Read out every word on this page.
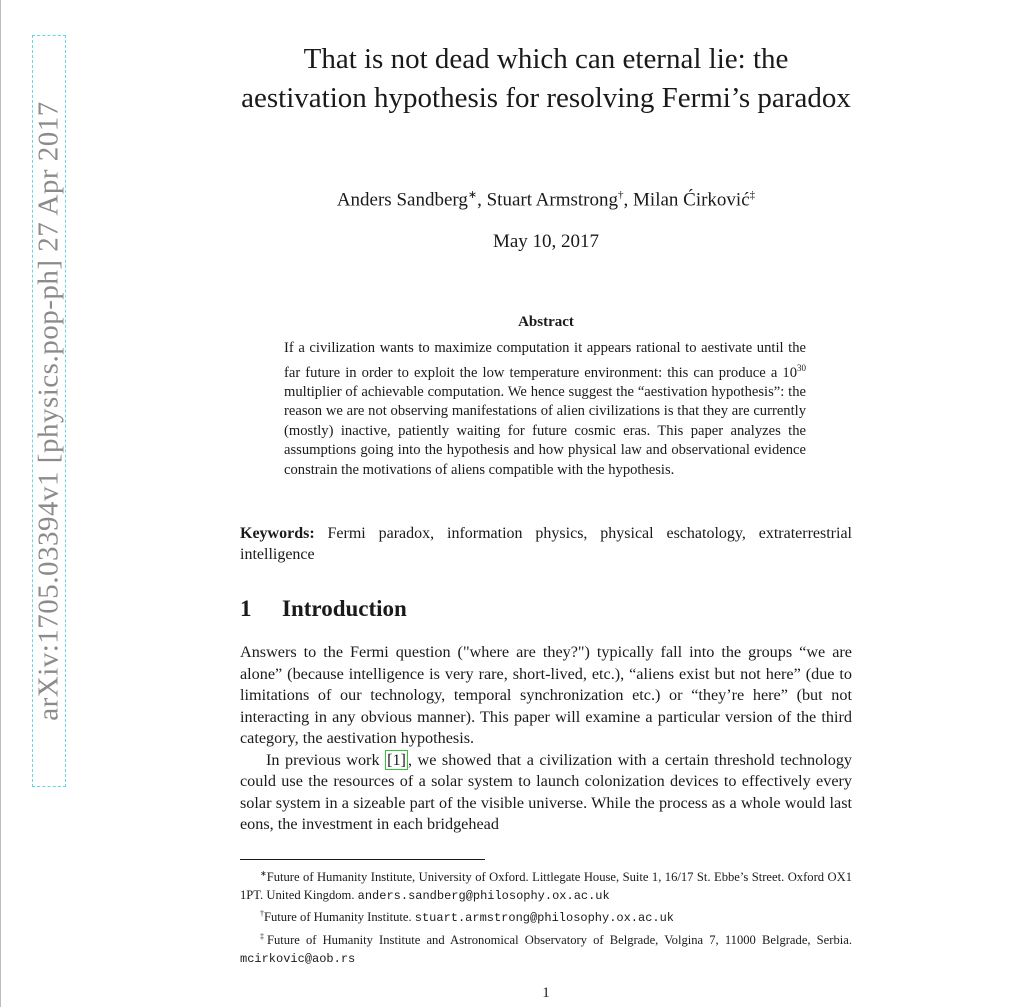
arXiv:1705.03394v1 [physics.pop-ph] 27 Apr 2017
That is not dead which can eternal lie: the aestivation hypothesis for resolving Fermi’s paradox
Anders Sandberg∗, Stuart Armstrong†, Milan Ćirković‡
May 10, 2017
Abstract

If a civilization wants to maximize computation it appears rational to aestivate until the far future in order to exploit the low temperature environment: this can produce a $10^{30}$ multiplier of achievable computation. We hence suggest the “aestivation hypothesis”: the reason we are not observing manifestations of alien civilizations is that they are currently (mostly) inactive, patiently waiting for future cosmic eras. This paper analyzes the assumptions going into the hypothesis and how physical law and observational evidence constrain the motivations of aliens compatible with the hypothesis.

Keywords: Fermi paradox, information physics, physical eschatology, extraterrestrial intelligence

1 Introduction

Answers to the Fermi question ("where are they?") typically fall into the groups “we are alone” (because intelligence is very rare, short-lived, etc.), “aliens exist but not here” (due to limitations of our technology, temporal synchronization etc.) or “they’re here” (but not interacting in any obvious manner). This paper will examine a particular version of the third category, the aestivation hypothesis.

In previous work [1] , we showed that a civilization with a certain threshold technology could use the resources of a solar system to launch colonization devices to effectively every solar system in a sizeable part of the visible universe. While the process as a whole would last eons, the investment in each bridgehead

∗Future of Humanity Institute, University of Oxford. Littlegate House, Suite 1, 16/17 St. Ebbe’s Street. Oxford OX1 1PT. United Kingdom. anders.sandberg@philosophy.ox.ac.uk

†Future of Humanity Institute. stuart.armstrong@philosophy.ox.ac.uk

‡Future of Humanity Institute and Astronomical Observatory of Belgrade, Volgina 7, 11000 Belgrade, Serbia. mcirkovic@aob.rs

1
